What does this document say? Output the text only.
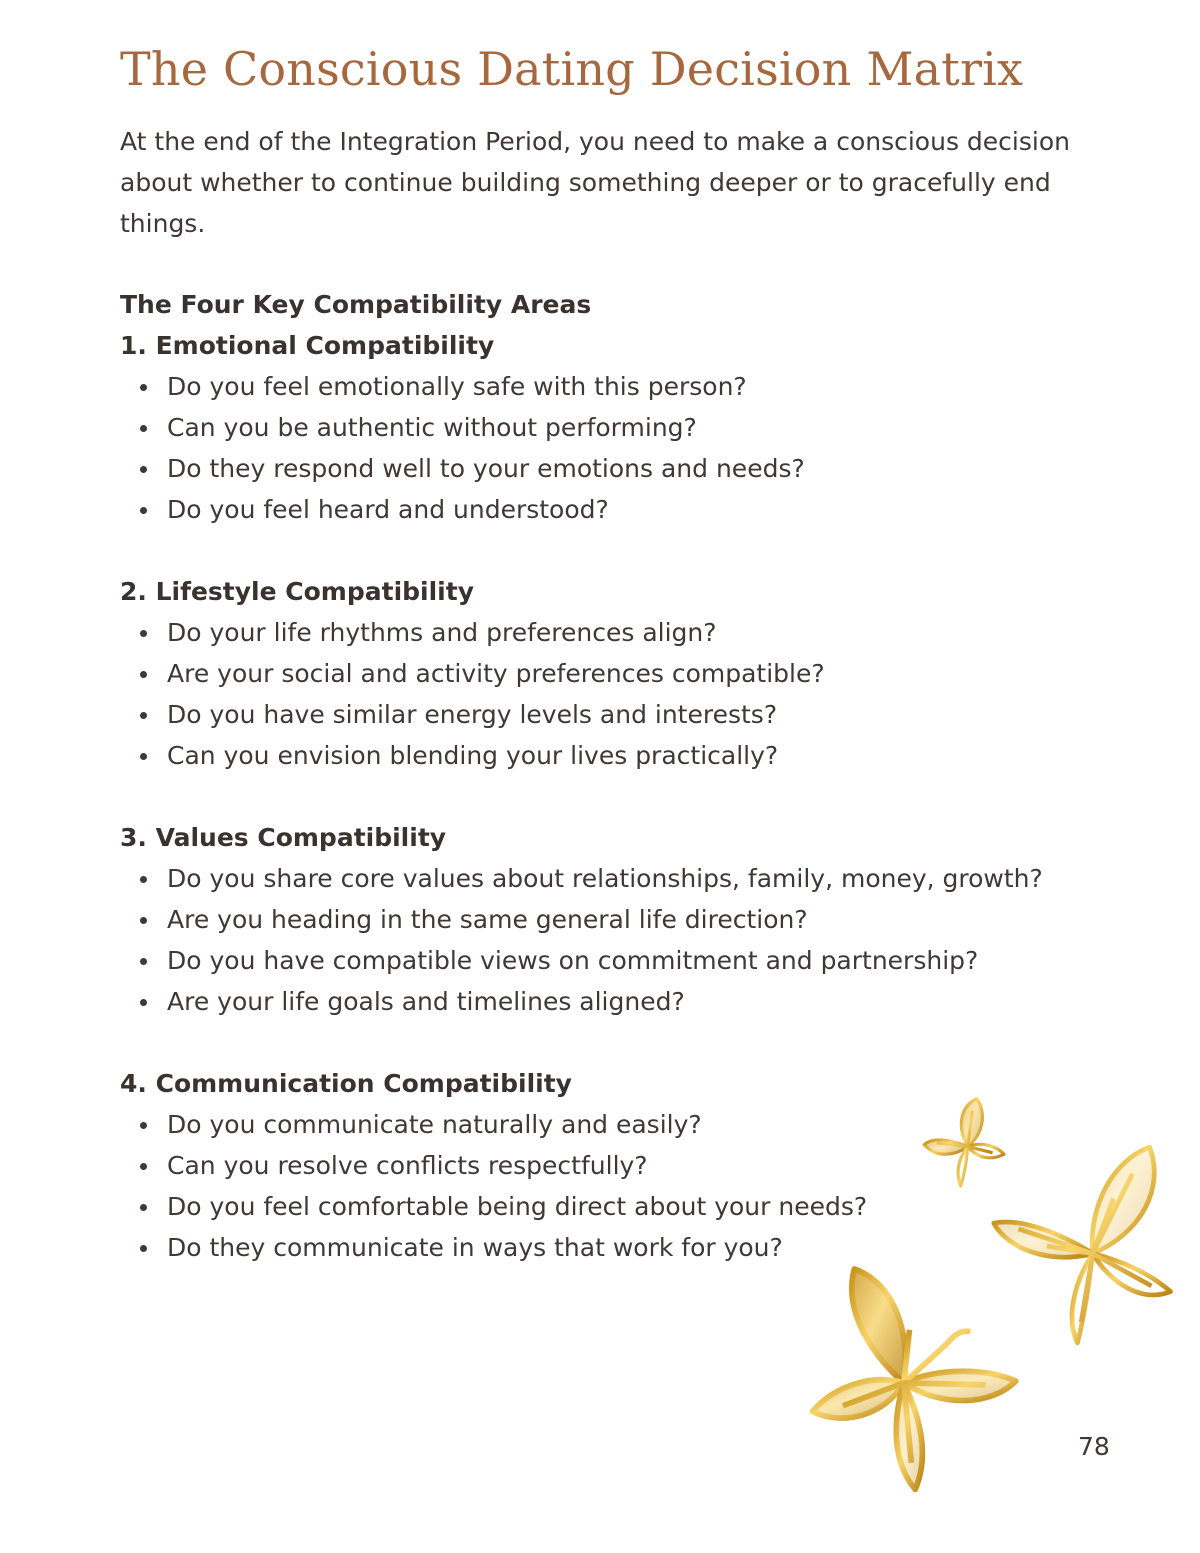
The Conscious Dating Decision Matrix

At the end of the Integration Period, you need to make a conscious decision about whether to continue building something deeper or to gracefully end things.

The Four Key Compatibility Areas
1. Emotional Compatibility
Do you feel emotionally safe with this person?
Can you be authentic without performing?
Do they respond well to your emotions and needs?
Do you feel heard and understood?
2. Lifestyle Compatibility
Do your life rhythms and preferences align?
Are your social and activity preferences compatible?
Do you have similar energy levels and interests?
Can you envision blending your lives practically?
3. Values Compatibility
Do you share core values about relationships, family, money, growth?
Are you heading in the same general life direction?
Do you have compatible views on commitment and partnership?
Are your life goals and timelines aligned?
4. Communication Compatibility
Do you communicate naturally and easily?
Can you resolve conflicts respectfully?
Do you feel comfortable being direct about your needs?
Do they communicate in ways that work for you?
78
